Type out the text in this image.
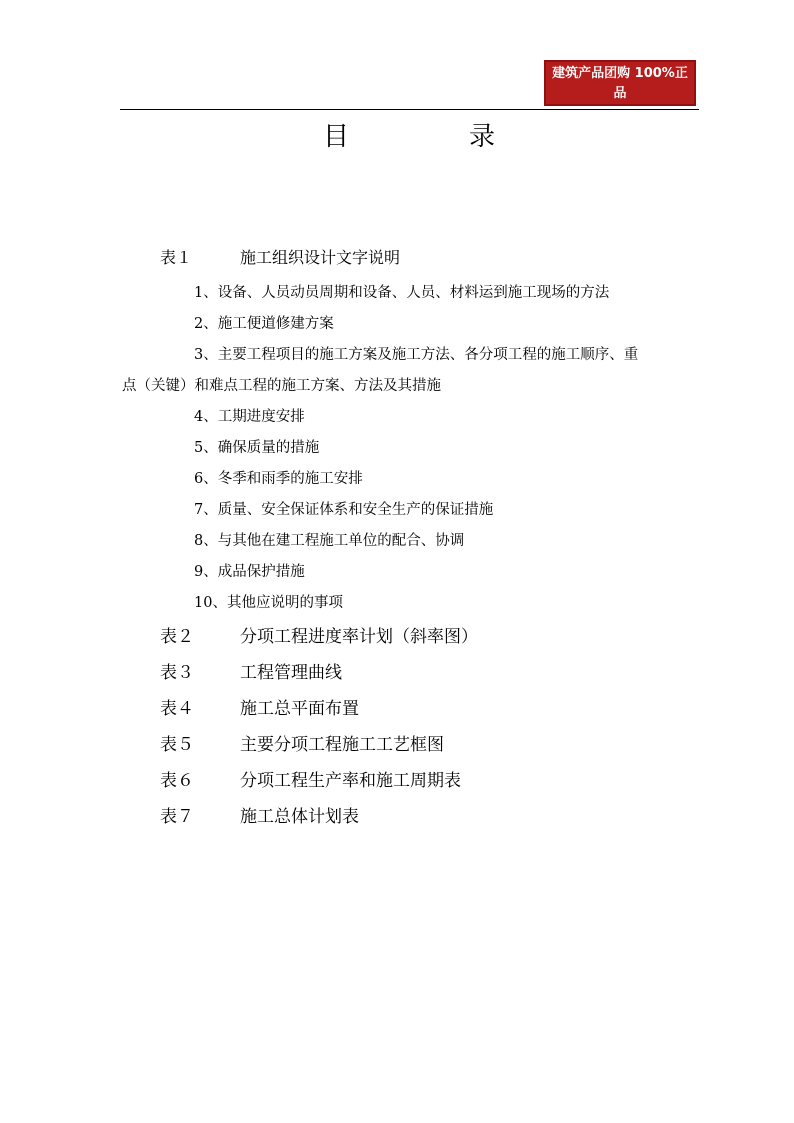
建筑产品团购 100%正品
www.kutrue.com
目	录
表１	施工组织设计文字说明
1、设备、人员动员周期和设备、人员、材料运到施工现场的方法
2、施工便道修建方案
3、主要工程项目的施工方案及施工方法、各分项工程的施工顺序、重
点（关键）和难点工程的施工方案、方法及其措施
4、工期进度安排
5、确保质量的措施
6、冬季和雨季的施工安排
7、质量、安全保证体系和安全生产的保证措施
8、与其他在建工程施工单位的配合、协调
9、成品保护措施
10、其他应说明的事项
表２	分项工程进度率计划（斜率图）
表３	工程管理曲线
表４	施工总平面布置
表５	主要分项工程施工工艺框图
表６	分项工程生产率和施工周期表
表７	施工总体计划表
